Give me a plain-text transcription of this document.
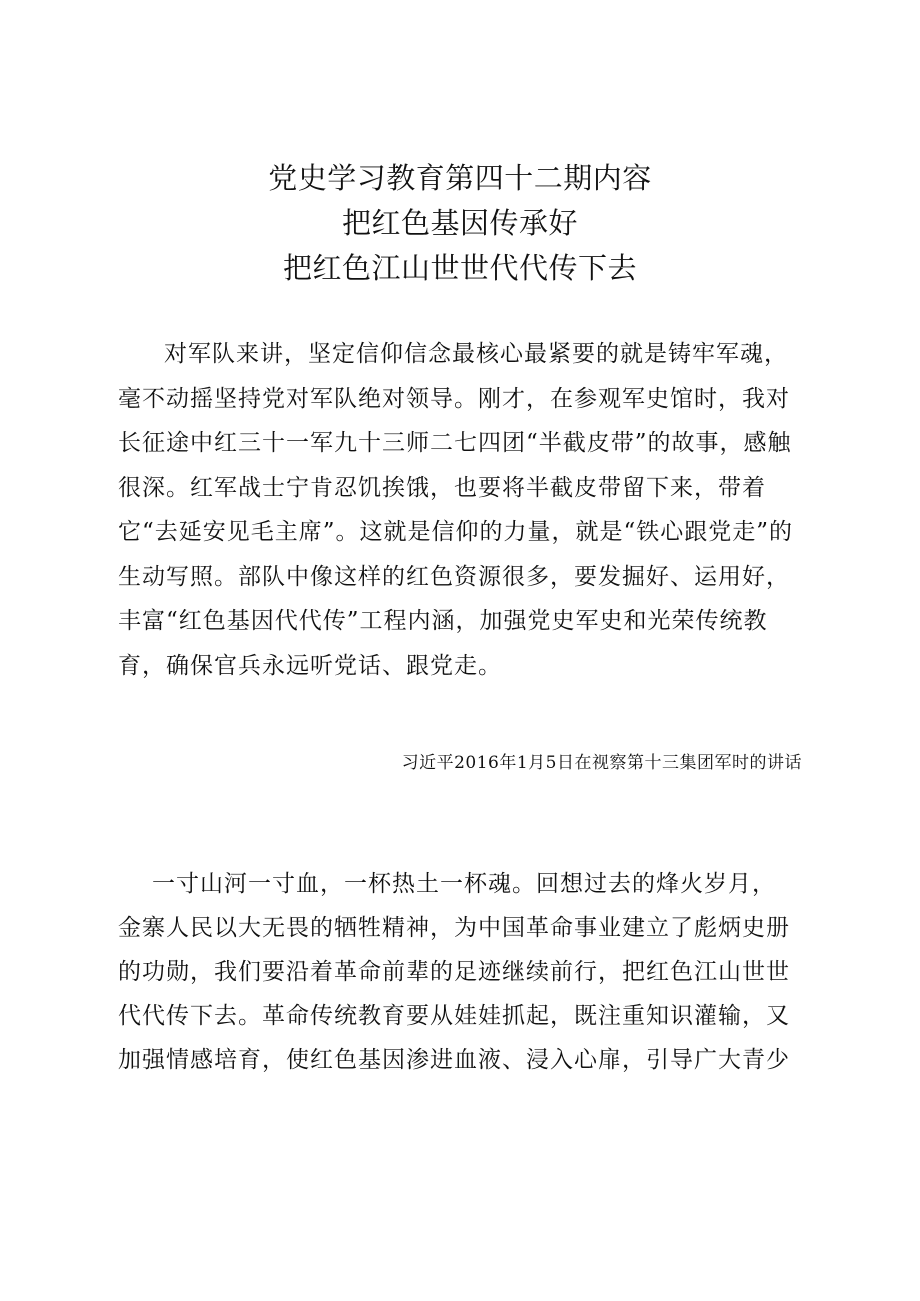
党史学习教育第四十二期内容

把红色基因传承好

把红色江山世世代代传下去

对军队来讲，坚定信仰信念最核心最紧要的就是铸牢军魂，毫不动摇坚持党对军队绝对领导。刚才，在参观军史馆时，我对长征途中红三十一军九十三师二七四团“半截皮带”的故事，感触很深。红军战士宁肯忍饥挨饿，也要将半截皮带留下来，带着它“去延安见毛主席”。这就是信仰的力量，就是“铁心跟党走”的生动写照。部队中像这样的红色资源很多，要发掘好、运用好，丰富“红色基因代代传”工程内涵，加强党史军史和光荣传统教育，确保官兵永远听党话、跟党走。

习近平2016年1月5日在视察第十三集团军时的讲话

一寸山河一寸血，一杯热土一杯魂。回想过去的烽火岁月，金寨人民以大无畏的牺牲精神，为中国革命事业建立了彪炳史册的功勋，我们要沿着革命前辈的足迹继续前行，把红色江山世世代代传下去。革命传统教育要从娃娃抓起，既注重知识灌输，又加强情感培育，使红色基因渗进血液、浸入心扉，引导广大青少
